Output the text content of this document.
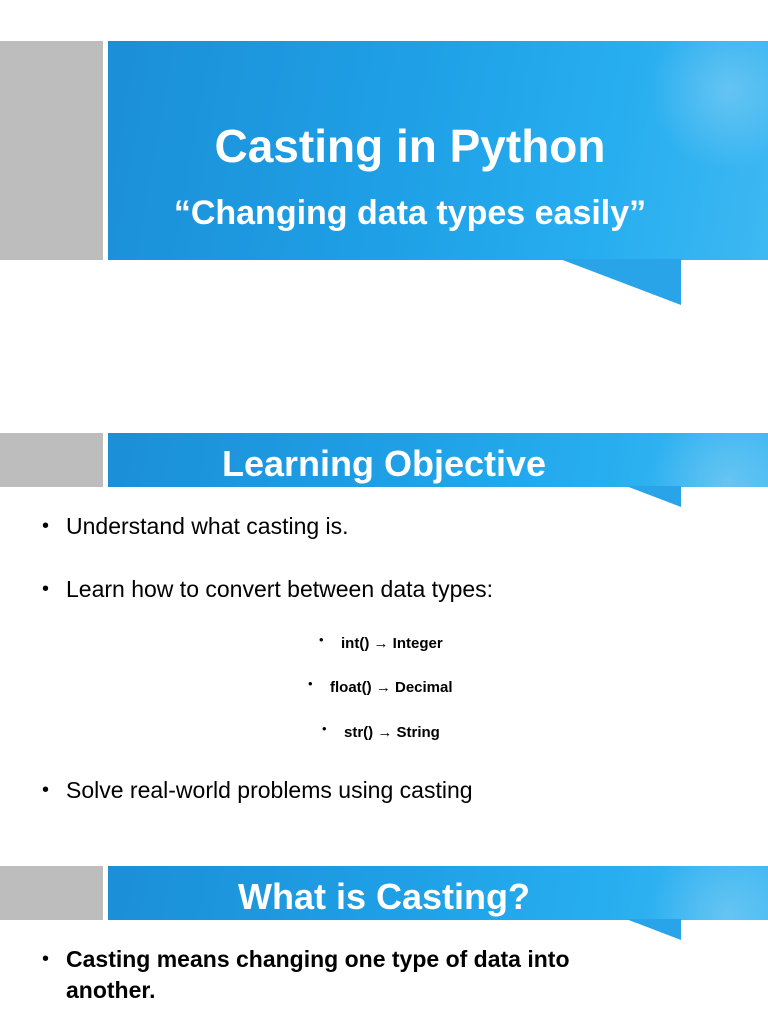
Casting in Python
“Changing data types easily”
Learning Objective
• Understand what casting is.
• Learn how to convert between data types:
• int() → Integer
• float() → Decimal
• str() → String
• Solve real-world problems using casting
What is Casting?
• Casting means changing one type of data into another.
